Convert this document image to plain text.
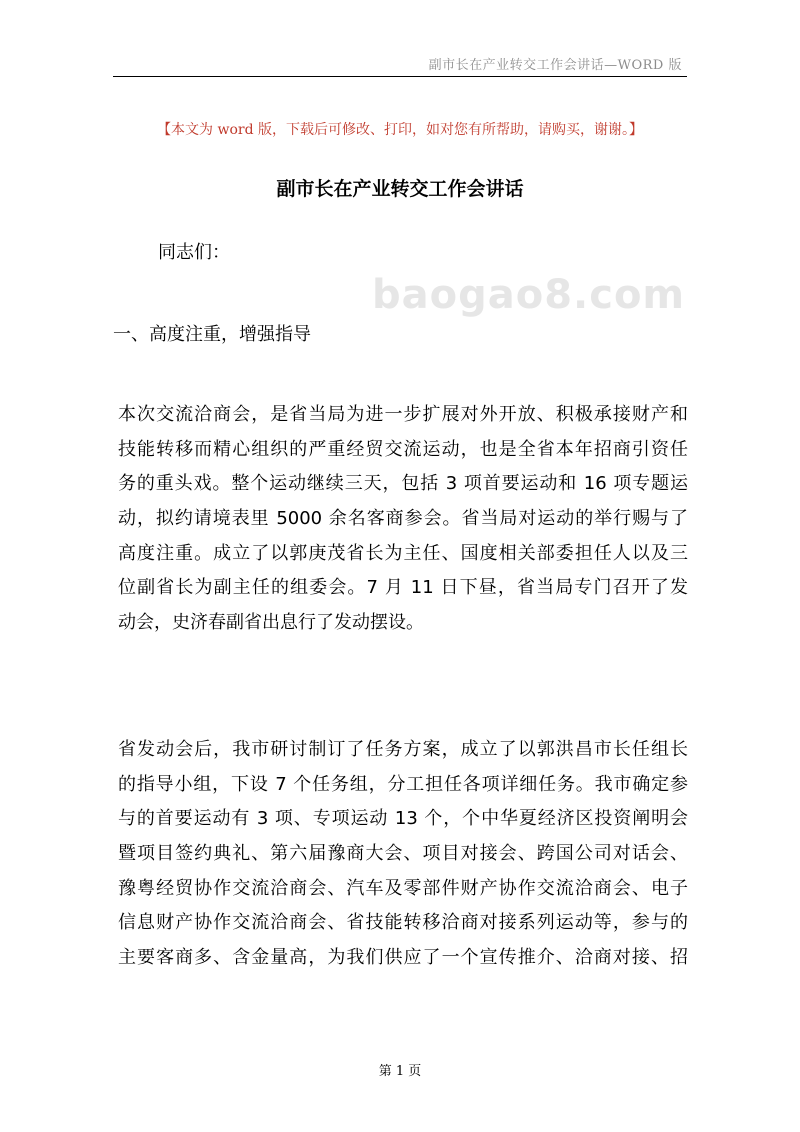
副市长在产业转交工作会讲话—WORD 版
【本文为 word 版，下载后可修改、打印，如对您有所帮助，请购买，谢谢。】
副市长在产业转交工作会讲话
同志们：
baogao8.com
一、高度注重，增强指导
本次交流洽商会，是省当局为进一步扩展对外开放、积极承接财产和
技能转移而精心组织的严重经贸交流运动，也是全省本年招商引资任
务的重头戏。整个运动继续三天，包括 3 项首要运动和 16 项专题运
动，拟约请境表里 5000 余名客商参会。省当局对运动的举行赐与了
高度注重。成立了以郭庚茂省长为主任、国度相关部委担任人以及三
位副省长为副主任的组委会。7 月 11 日下昼，省当局专门召开了发
动会，史济春副省出息行了发动摆设。
省发动会后，我市研讨制订了任务方案，成立了以郭洪昌市长任组长
的指导小组，下设 7 个任务组，分工担任各项详细任务。我市确定参
与的首要运动有 3 项、专项运动 13 个，个中华夏经济区投资阐明会
暨项目签约典礼、第六届豫商大会、项目对接会、跨国公司对话会、
豫粤经贸协作交流洽商会、汽车及零部件财产协作交流洽商会、电子
信息财产协作交流洽商会、省技能转移洽商对接系列运动等，参与的
主要客商多、含金量高，为我们供应了一个宣传推介、洽商对接、招
第 1 页
